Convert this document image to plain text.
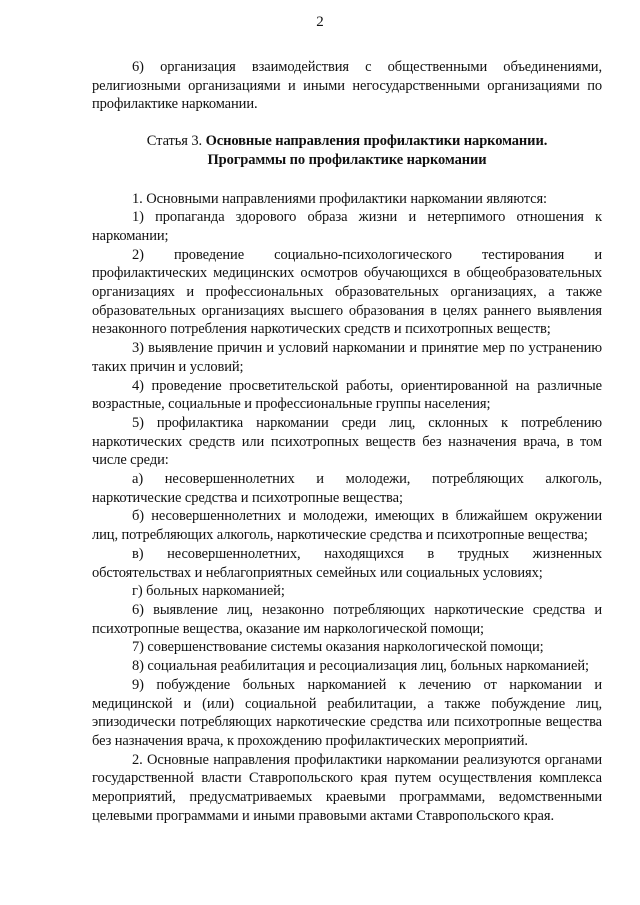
2

6) организация взаимодействия с общественными объединениями, религиозными организациями и иными негосударственными организациями по профилактике наркомании.

Статья 3. Основные направления профилактики наркомании.
Программы по профилактике наркомании

1. Основными направлениями профилактики наркомании являются:

1) пропаганда здорового образа жизни и нетерпимого отношения к наркомании;

2) проведение социально-психологического тестирования и профилактических медицинских осмотров обучающихся в общеобразовательных организациях и профессиональных образовательных организациях, а также образовательных организациях высшего образования в целях раннего выявления незаконного потребления наркотических средств и психотропных веществ;

3) выявление причин и условий наркомании и принятие мер по устранению таких причин и условий;

4) проведение просветительской работы, ориентированной на различные возрастные, социальные и профессиональные группы населения;

5) профилактика наркомании среди лиц, склонных к потреблению наркотических средств или психотропных веществ без назначения врача, в том числе среди:

а) несовершеннолетних и молодежи, потребляющих алкоголь, наркотические средства и психотропные вещества;

б) несовершеннолетних и молодежи, имеющих в ближайшем окружении лиц, потребляющих алкоголь, наркотические средства и психотропные вещества;

в) несовершеннолетних, находящихся в трудных жизненных обстоятельствах и неблагоприятных семейных или социальных условиях;

г) больных наркоманией;

6) выявление лиц, незаконно потребляющих наркотические средства и психотропные вещества, оказание им наркологической помощи;

7) совершенствование системы оказания наркологической помощи;

8) социальная реабилитация и ресоциализация лиц, больных наркоманией;

9) побуждение больных наркоманией к лечению от наркомании и медицинской и (или) социальной реабилитации, а также побуждение лиц, эпизодически потребляющих наркотические средства или психотропные вещества без назначения врача, к прохождению профилактических мероприятий.

2. Основные направления профилактики наркомании реализуются органами государственной власти Ставропольского края путем осуществления комплекса мероприятий, предусматриваемых краевыми программами, ведомственными целевыми программами и иными правовыми актами Ставропольского края.
